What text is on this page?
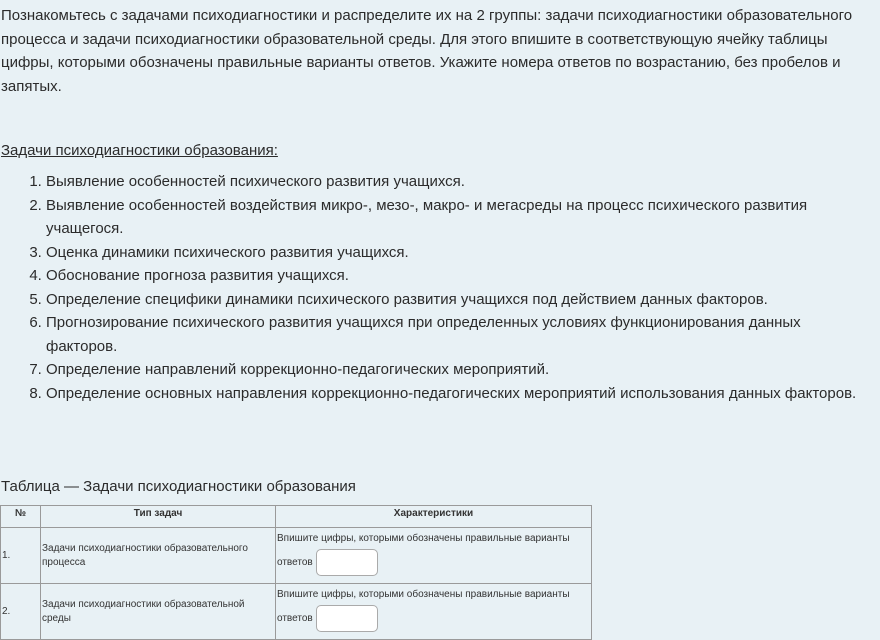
Познакомьтесь с задачами психодиагностики и распределите их на 2 группы: задачи психодиагностики образовательного процесса и задачи психодиагностики образовательной среды. Для этого впишите в соответствующую ячейку таблицы цифры, которыми обозначены правильные варианты ответов. Укажите номера ответов по возрастанию, без пробелов и запятых.

Задачи психодиагностики образования:

1. Выявление особенностей психического развития учащихся.
2. Выявление особенностей воздействия микро-, мезо-, макро- и мегасреды на процесс психического развития учащегося.
3. Оценка динамики психического развития учащихся.
4. Обоснование прогноза развития учащихся.
5. Определение специфики динамики психического развития учащихся под действием данных факторов.
6. Прогнозирование психического развития учащихся при определенных условиях функционирования данных факторов.
7. Определение направлений коррекционно-педагогических мероприятий.
8. Определение основных направления коррекционно-педагогических мероприятий использования данных факторов.

Таблица — Задачи психодиагностики образования

№	Тип задач	Характеристики
1.	Задачи психодиагностики образовательного процесса	Впишите цифры, которыми обозначены правильные варианты ответов
2.	Задачи психодиагностики образовательной среды	Впишите цифры, которыми обозначены правильные варианты ответов
